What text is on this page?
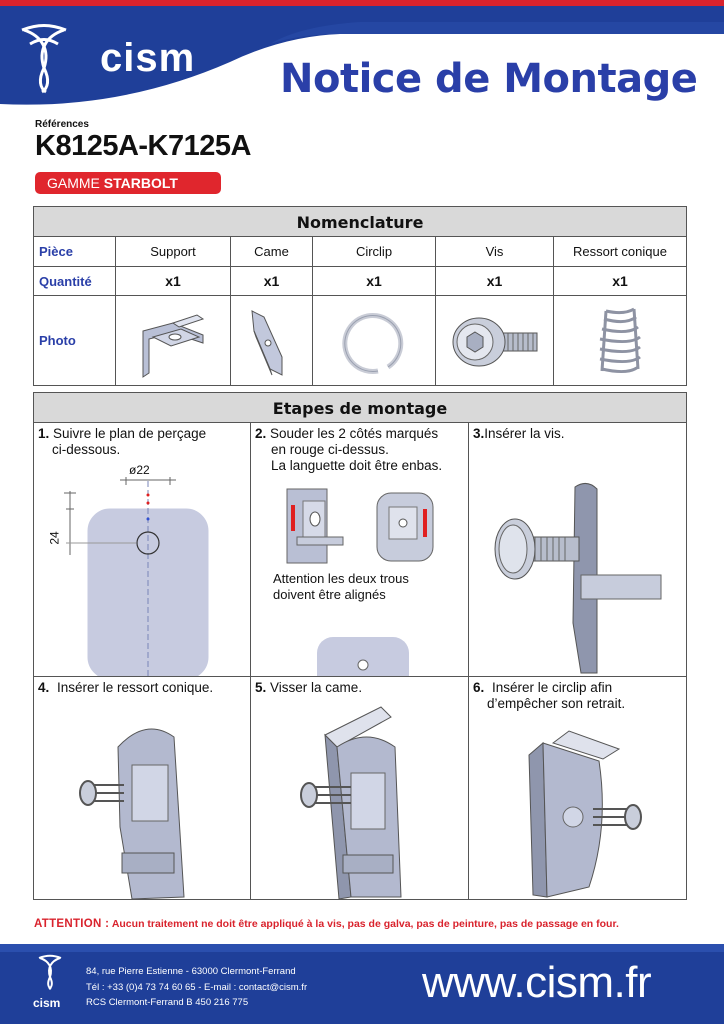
cism Notice de Montage
Références
K8125A-K7125A
GAMME STARBOLT
Nomenclature
Pièce	Support	Came	Circlip	Vis	Ressort conique
Quantité	x1	x1	x1	x1	x1
Photo
Etapes de montage
1. Suivre le plan de perçage
ci-dessous.
ø22
24
2. Souder les 2 côtés marqués
en rouge ci-dessus.
La languette doit être enbas.
Attention les deux trous
doivent être alignés
3.Insérer la vis.
4. Insérer le ressort conique.	5. Visser la came.	6. Insérer le circlip afin
d’empêcher son retrait.
ATTENTION : Aucun traitement ne doit être appliqué à la vis, pas de galva, pas de peinture, pas de passage en four.
cism
84, rue Pierre Estienne - 63000 Clermont-Ferrand
Tél : +33 (0)4 73 74 60 65 - E-mail : contact@cism.fr
RCS Clermont-Ferrand B 450 216 775	www.cism.fr
